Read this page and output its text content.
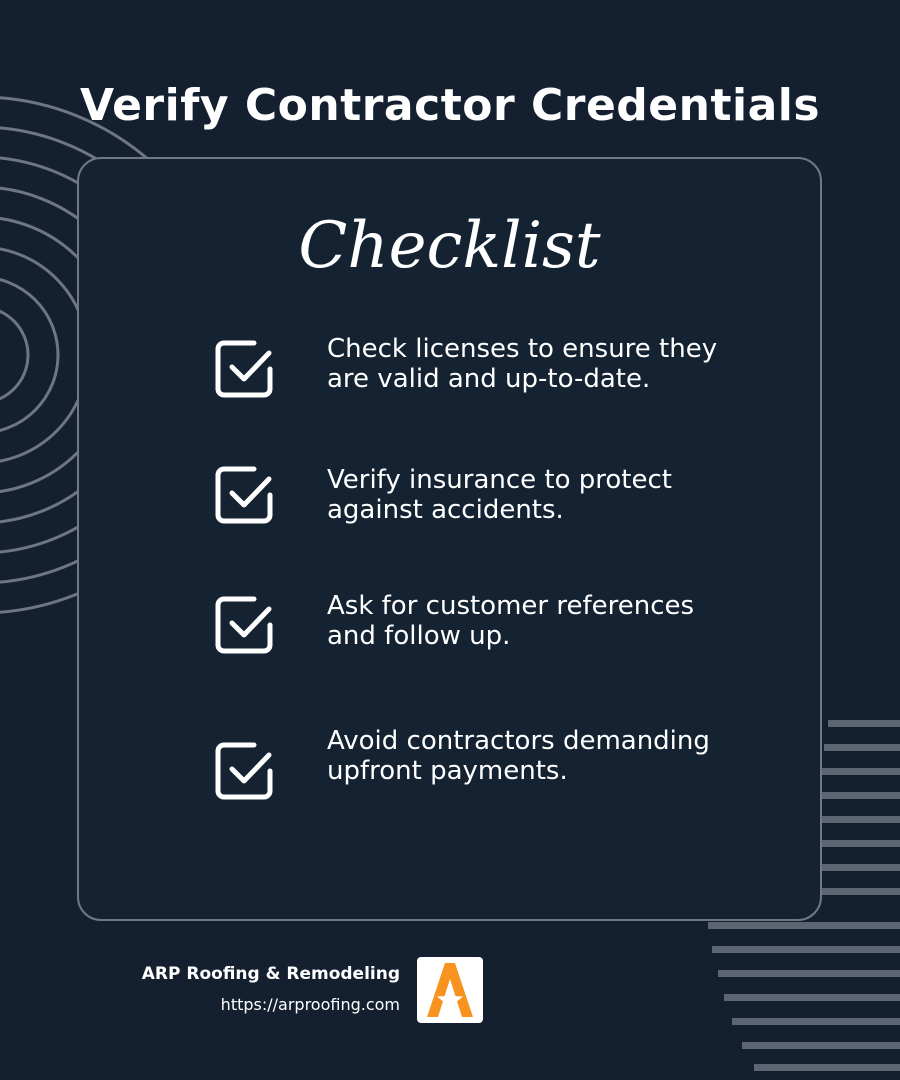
Verify Contractor Credentials
Checklist
Check licenses to ensure they are valid and up-to-date.
Verify insurance to protect against accidents.
Ask for customer references and follow up.
Avoid contractors demanding upfront payments.
ARP Roofing & Remodeling
https://arproofing.com
